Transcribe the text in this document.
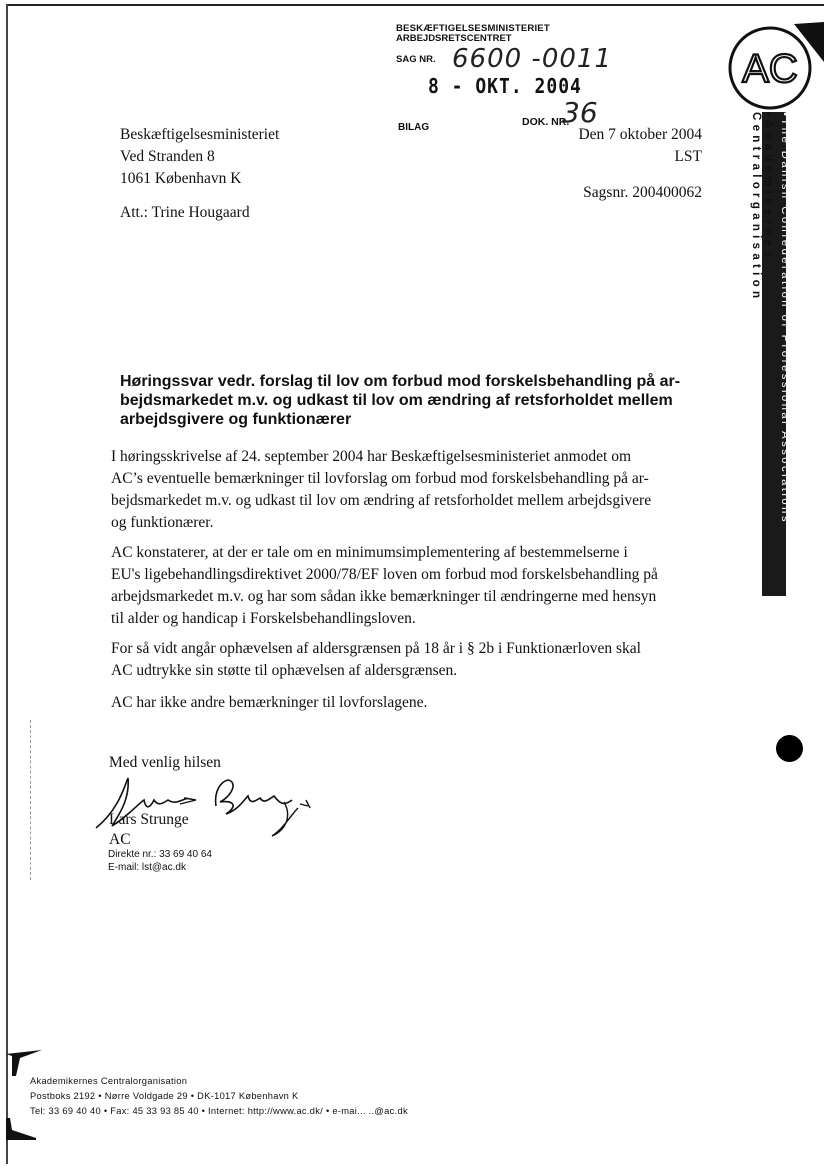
BESKÆFTIGELSESMINISTERIET
ARBEJDSRETSCENTRET
SAG NR. 6600 -0011
8 - OKT. 2004
BILAG	DOK. NR.
36
Beskæftigelsesministeriet
Ved Stranden 8
1061 København K
Att.: Trine Hougaard
Den 7 oktober 2004
LST
Sagsnr. 200400062
AC
•The Danish Confederation of Professional Associations
•Akademikernes Centralorganisation
Høringssvar vedr. forslag til lov om forbud mod forskelsbehandling på ar-
bejdsmarkedet m.v. og udkast til lov om ændring af retsforholdet mellem
arbejdsgivere og funktionærer
I høringsskrivelse af 24. september 2004 har Beskæftigelsesministeriet anmodet om
AC’s eventuelle bemærkninger til lovforslag om forbud mod forskelsbehandling på ar-
bejdsmarkedet m.v. og udkast til lov om ændring af retsforholdet mellem arbejdsgivere
og funktionærer.
AC konstaterer, at der er tale om en minimumsimplementering af bestemmelserne i
EU's ligebehandlingsdirektivet 2000/78/EF loven om forbud mod forskelsbehandling på
arbejdsmarkedet m.v. og har som sådan ikke bemærkninger til ændringerne med hensyn
til alder og handicap i Forskelsbehandlingsloven.
For så vidt angår ophævelsen af aldersgrænsen på 18 år i § 2b i Funktionærloven skal
AC udtrykke sin støtte til ophævelsen af aldersgrænsen.
AC har ikke andre bemærkninger til lovforslagene.
Med venlig hilsen
Lars Strunge
AC
Direkte nr.: 33 69 40 64
E-mail: lst@ac.dk
Akademikernes Centralorganisation
Postboks 2192 • Nørre Voldgade 29 • DK-1017 København K
Tel: 33 69 40 40 • Fax: 45 33 93 85 40 • Internet: http://www.ac.dk/ • e-mai... ..@ac.dk
